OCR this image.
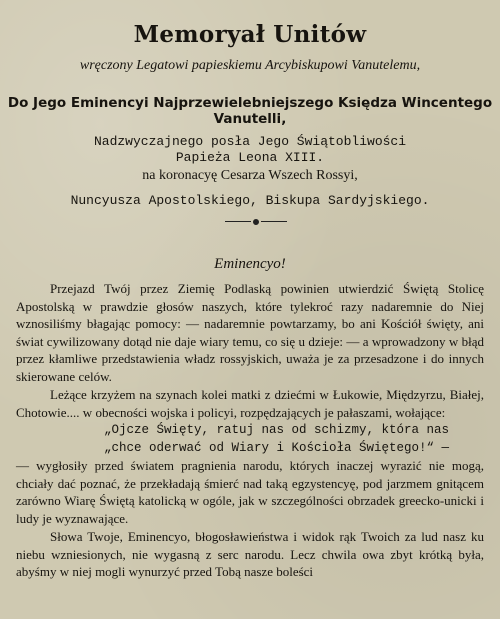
Memoryał Unitów
wręczony Legatowi papieskiemu Arcybiskupowi Vanutelemu,
Do Jego Eminencyi Najprzewielebniejszego Księdza Wincentego
Vanutelli,
Nadzwyczajnego posła Jego Świątobliwości
Papieża Leona XIII.
na koronacyę Cesarza Wszech Rossyi,
Nuncyusza Apostolskiego, Biskupa Sardyjskiego.
Eminencyo!

Przejazd Twój przez Ziemię Podlaską powinien utwierdzić Świętą Stolicę Apostolską w prawdzie głosów naszych, które tylekroć razy nadaremnie do Niej wznosiliśmy błagając pomocy: — nadaremnie powtarzamy, bo ani Kościół święty, ani świat cywilizowany dotąd nie daje wiary temu, co się u dzieje: — a wprowadzony w błąd przez kłamliwe przedstawienia władz rossyjskich, uważa je za przesadzone i do innych skierowane celów.

Leżące krzyżem na szynach kolei matki z dziećmi w Łukowie, Międzyrzu, Białej, Chotowie.... w obecności wojska i policyi, rozpędzających je pałaszami, wołające:

„Ojcze Święty, ratuj nas od schizmy, która nas
„chce oderwać od Wiary i Kościoła Świętego!“ —

— wygłosiły przed światem pragnienia narodu, których inaczej wyrazić nie mogą, chciały dać poznać, że przekładają śmierć nad taką egzystencyę, pod jarzmem gnitącem zarówno Wiarę Świętą katolicką w ogóle, jak w szczególności obrzadek greecko-unicki i ludy je wyznawające.

Słowa Twoje, Eminencyo, błogosławieństwa i widok rąk Twoich za lud nasz ku niebu wzniesionych, nie wygasną z serc narodu. Lecz chwila owa zbyt krótką była, abyśmy w niej mogli wynurzyć przed Tobą nasze boleści
